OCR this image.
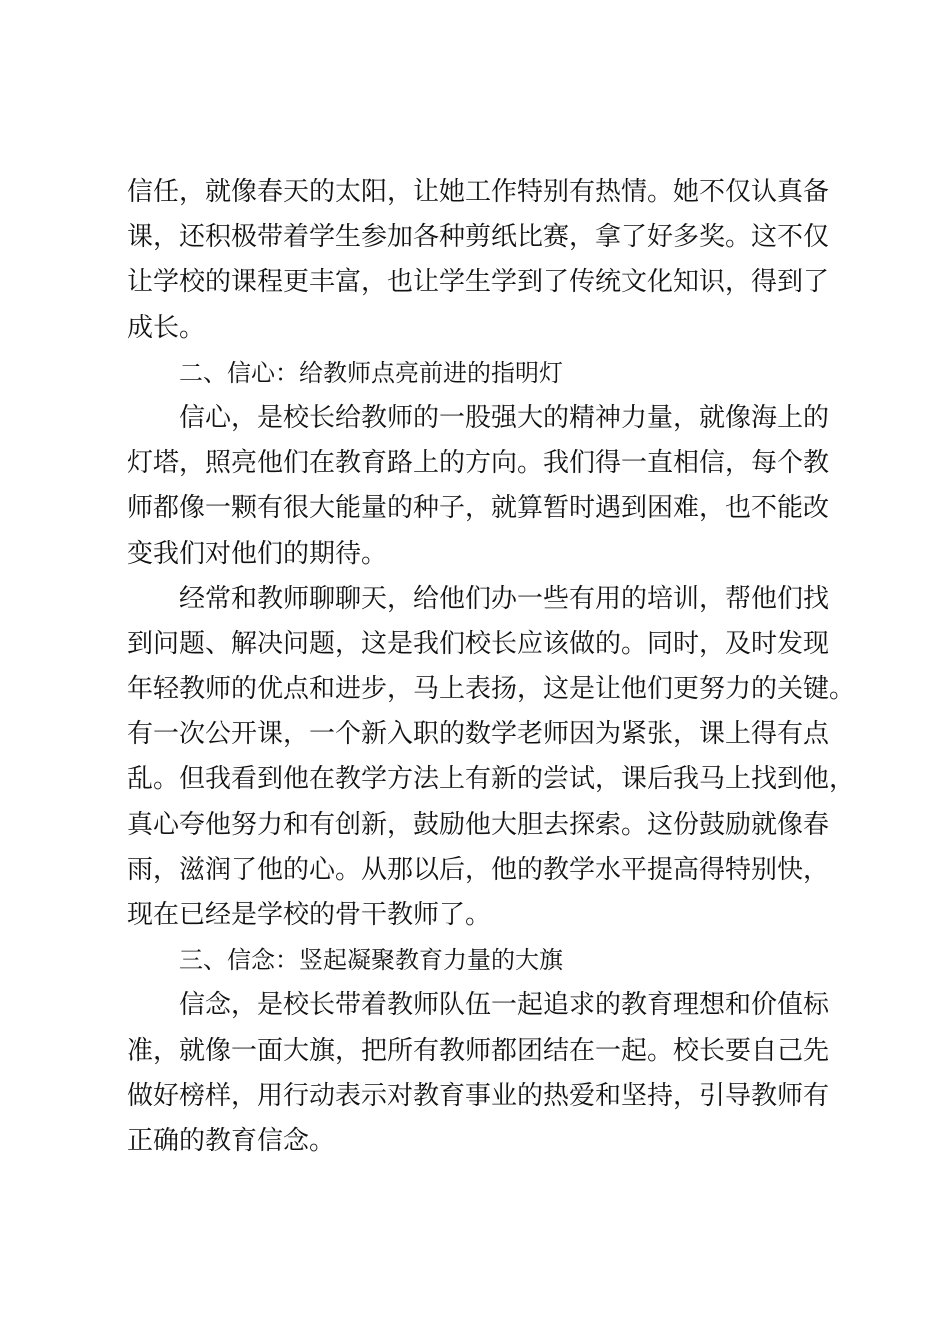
信任，就像春天的太阳，让她工作特别有热情。她不仅认真备
课，还积极带着学生参加各种剪纸比赛，拿了好多奖。这不仅
让学校的课程更丰富，也让学生学到了传统文化知识，得到了
成长。
二、信心：给教师点亮前进的指明灯
信心，是校长给教师的一股强大的精神力量，就像海上的
灯塔，照亮他们在教育路上的方向。我们得一直相信，每个教
师都像一颗有很大能量的种子，就算暂时遇到困难，也不能改
变我们对他们的期待。
经常和教师聊聊天，给他们办一些有用的培训，帮他们找
到问题、解决问题，这是我们校长应该做的。同时，及时发现
年轻教师的优点和进步，马上表扬，这是让他们更努力的关键。
有一次公开课，一个新入职的数学老师因为紧张，课上得有点
乱。但我看到他在教学方法上有新的尝试，课后我马上找到他，
真心夸他努力和有创新，鼓励他大胆去探索。这份鼓励就像春
雨，滋润了他的心。从那以后，他的教学水平提高得特别快，
现在已经是学校的骨干教师了。
三、信念：竖起凝聚教育力量的大旗
信念，是校长带着教师队伍一起追求的教育理想和价值标
准，就像一面大旗，把所有教师都团结在一起。校长要自己先
做好榜样，用行动表示对教育事业的热爱和坚持，引导教师有
正确的教育信念。
